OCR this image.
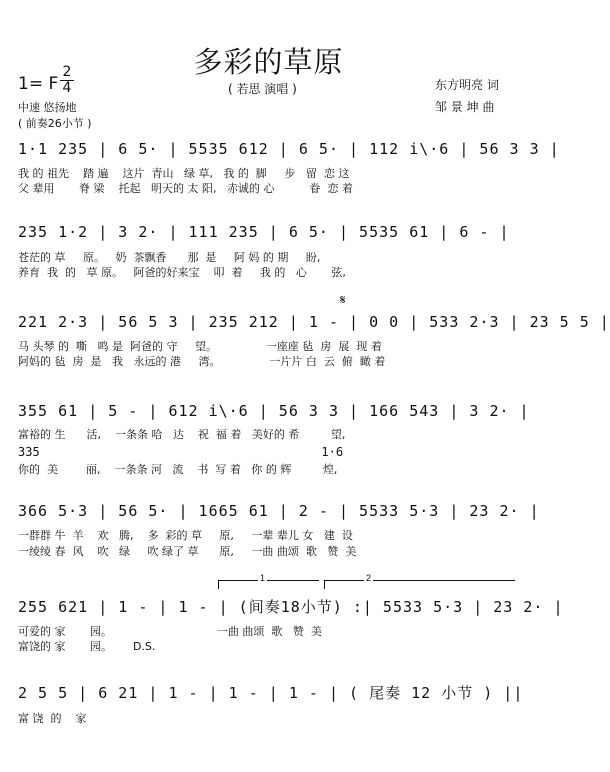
多彩的草原
1= F
2
4	( 若思 演唱 )	东方明亮 词
邹 景 坤 曲
中速 悠扬地
( 前奏26小节 )
1·1 235 | 6 5· | 5535 612 | 6 5· | 112 i\·6 | 56 3 3 |
我 的 祖先    踏 遍    这片  青山   绿 草,   我 的  脚     步   留  恋 这
父 辈用       脊 梁    托起   明天的 太 阳,   赤诚的 心          眷  恋 着
235 1·2 | 3 2· | 111 235 | 6 5· | 5535 61 | 6 - |
苍茫的 草     原。   奶  茶飘香      那  是     阿 妈 的 期     盼,
养育  我  的   草 原。   阿爸的好来宝    叩  着     我 的   心       弦,
𝄋
221 2·3 | 56 5 3 | 235 212 | 1 - | 0 0 | 533 2·3 | 23 5 5 |
马 头琴 的  嘶   鸣 是  阿爸的 守     望。              一座座 毡  房  展  现 着
阿妈的 毡  房  是   我   永远的 港     湾。              一片片 白  云  俯  瞰 着
355 61 | 5 - | 612 i\·6 | 56 3 3 | 166 543 | 3 2· |
富裕的 生      活,    一条条 哈   达    祝  福 着   美好的 希         望,
335                                       1·6
你的  美        丽,    一条条 河   流    书  写 着   你 的 辉         煌,
366 5·3 | 56 5· | 1665 61 | 2 - | 5533 5·3 | 23 2· |
一群群 牛  羊    欢   腾,    多  彩的 草     原,     一辈 辈儿 女   建  设
一绫绫 春  风    吹   绿     吹 绿了 草      原,     一曲 曲颂  歌   赞  美
1	2
255 621 | 1 - | 1 - | (间奏18小节) :| 5533 5·3 | 23 2· |
可爱的 家       园。                              一曲 曲颂  歌   赞  美
富饶的 家       园。      D.S.
2 5 5 | 6 21 | 1 - | 1 - | 1 - | ( 尾奏 12 小节 ) ||
富 饶  的    家
